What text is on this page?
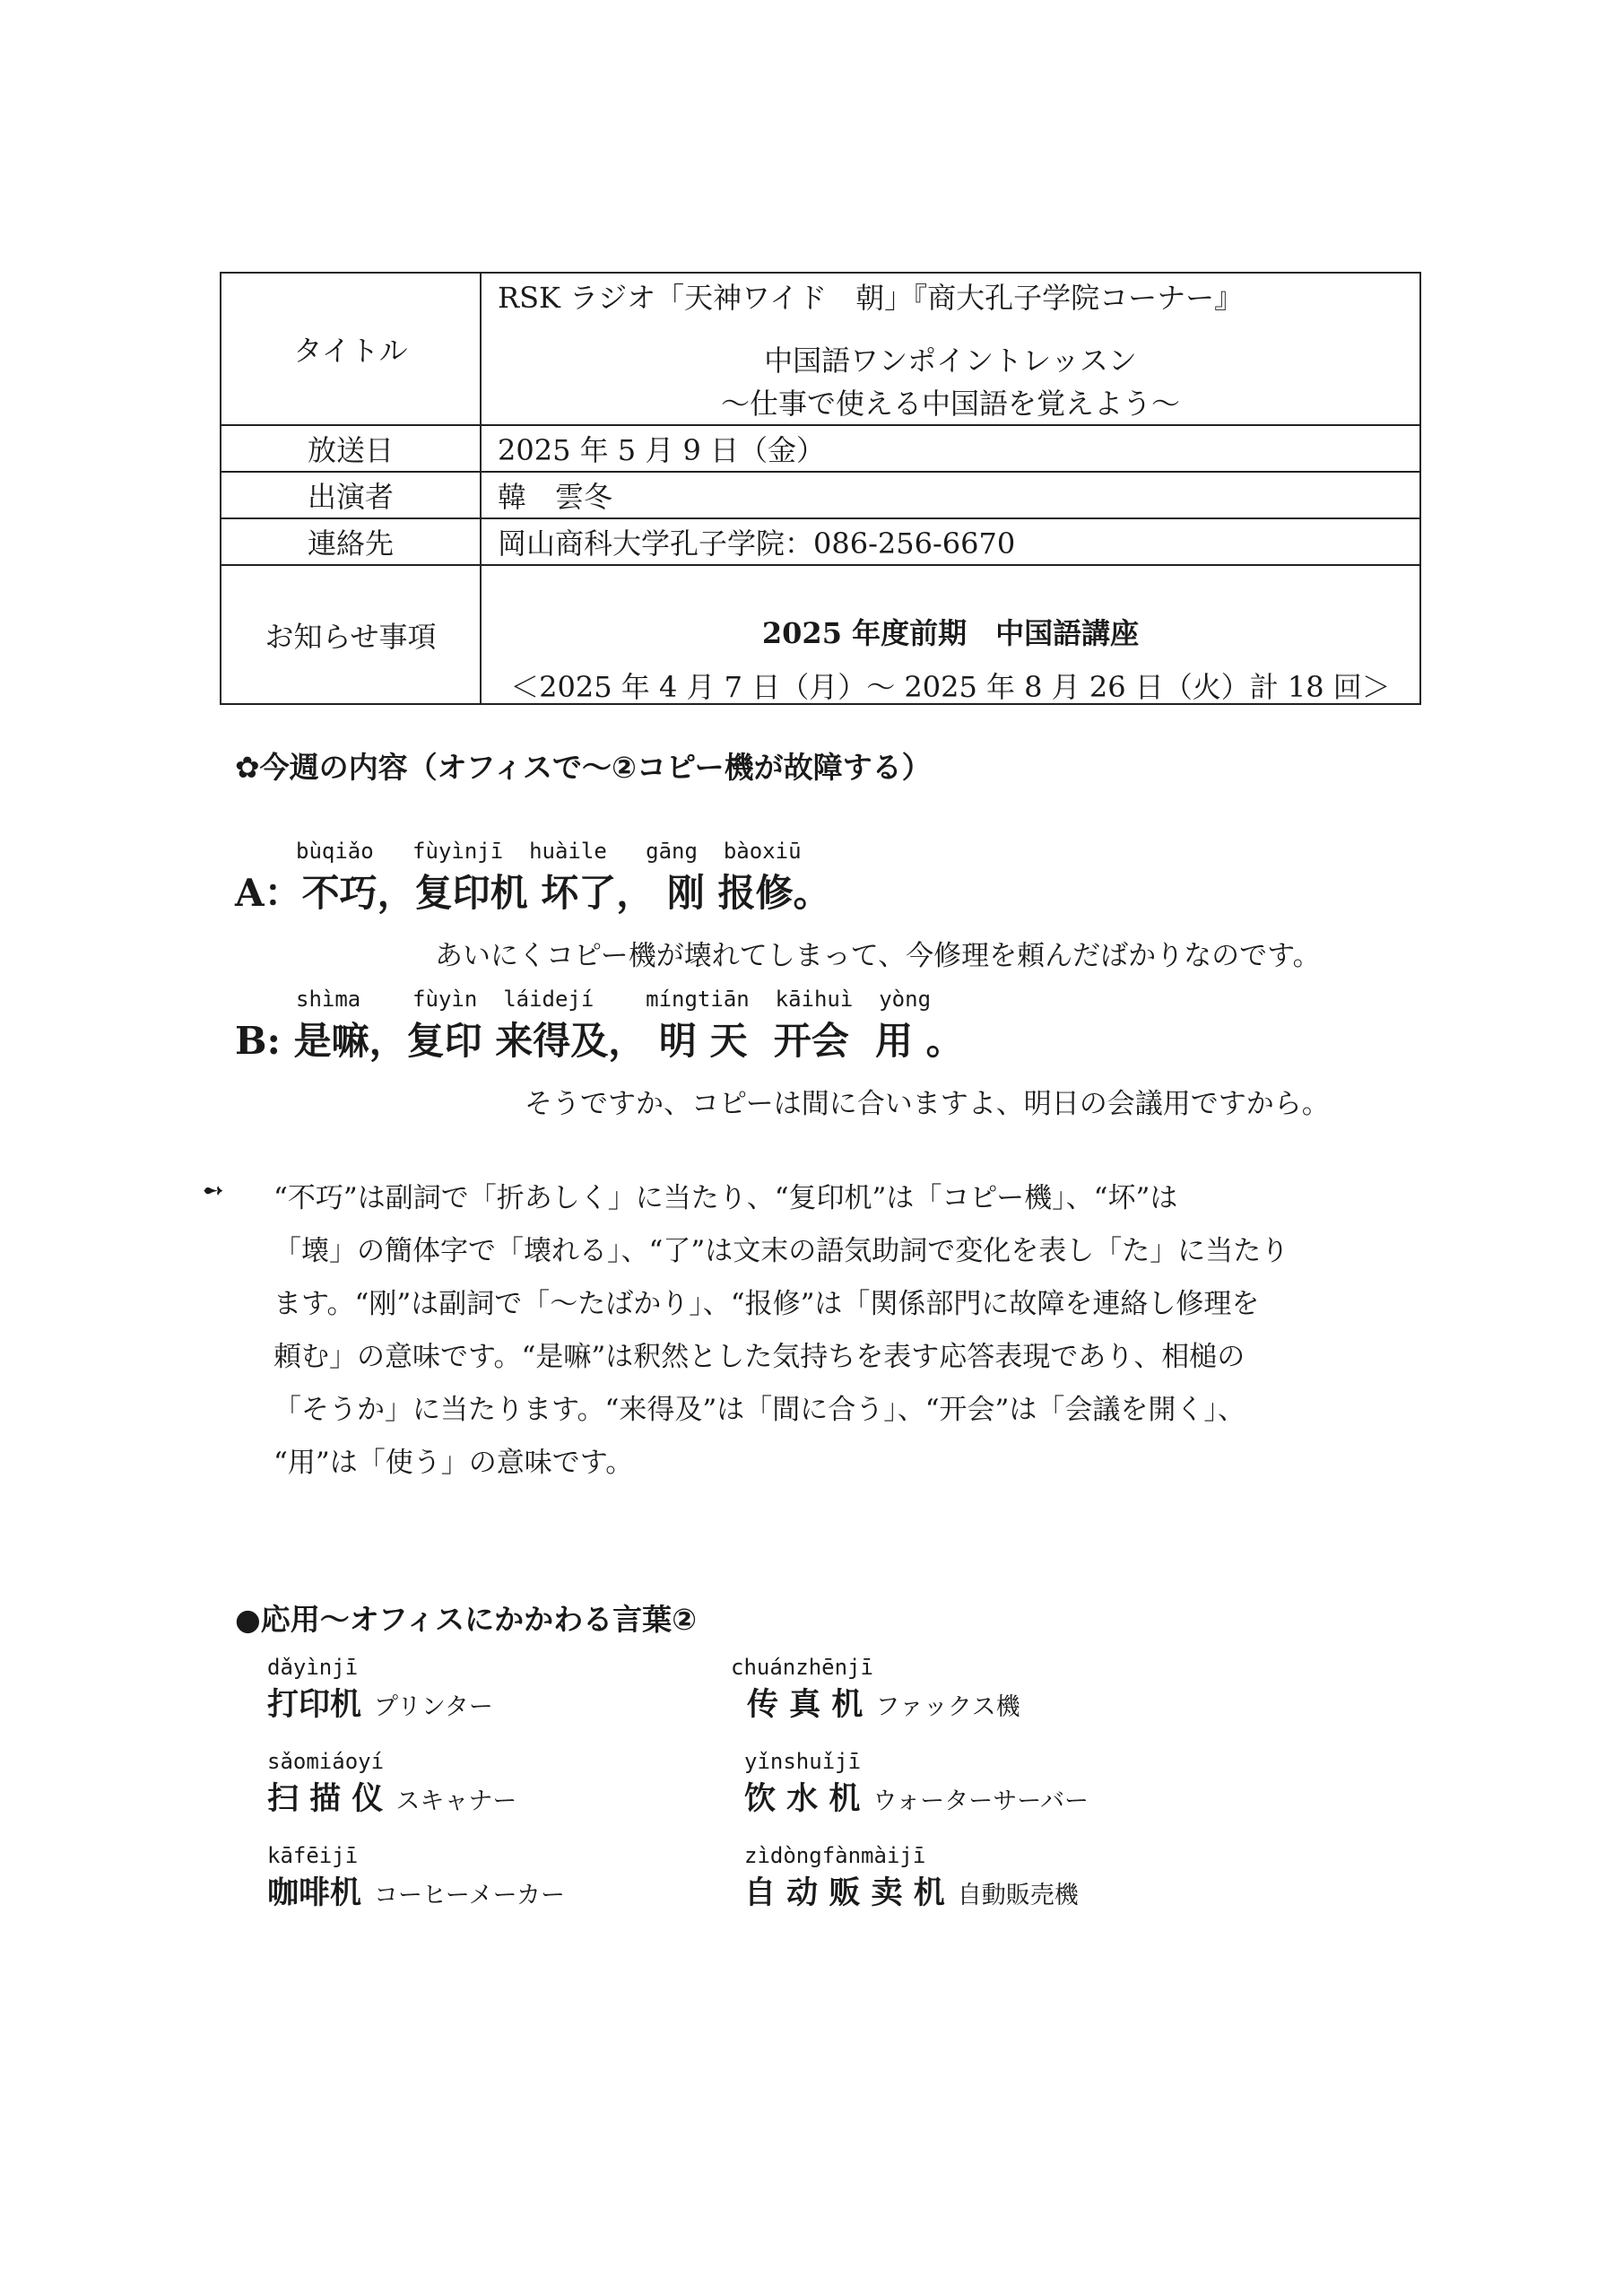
タイトル	RSK ラジオ「天神ワイド　朝」『商大孔子学院コーナー』
中国語ワンポイントレッスン
〜仕事で使える中国語を覚えよう〜

放送日	2025 年 5 月 9 日（金）
出演者	韓　雲冬
連絡先	岡山商科大学孔子学院：086-256-6670
お知らせ事項	2025 年度前期　中国語講座
＜2025 年 4 月 7 日（月）〜 2025 年 8 月 26 日（火）計 18 回＞
✿今週の内容（オフィスで〜②コピー機が故障する）
bùqiǎo   fùyìnjī  huàile   gāng  bàoxiū
A：不巧，复印机 坏了， 刚 报修。
あいにくコピー機が壊れてしまって、今修理を頼んだばかりなのです。
shìma    fùyìn  láidejí    míngtiān  kāihuì  yòng
B: 是嘛，复印 来得及， 明 天  开会  用 。
そうですか、コピーは間に合いますよ、明日の会議用ですから。
➻ “不巧”は副詞で「折あしく」に当たり、“复印机”は「コピー機」、“坏”は
「壊」の簡体字で「壊れる」、“了”は文末の語気助詞で変化を表し「た」に当たり
ます。“刚”は副詞で「〜たばかり」、“报修”は「関係部門に故障を連絡し修理を
頼む」の意味です。“是嘛”は釈然とした気持ちを表す応答表現であり、相槌の
「そうか」に当たります。“来得及”は「間に合う」、“开会”は「会議を開く」、
“用”は「使う」の意味です。
●応用〜オフィスにかかわる言葉②
dǎyìnjī
打印机 プリンター
chuánzhēnjī
传 真 机 ファックス機
sǎomiáoyí
扫 描 仪 スキャナー
yǐnshuǐjī
饮 水 机 ウォーターサーバー
kāfēijī
咖啡机 コーヒーメーカー
zìdòngfànmàijī
自 动 贩 卖 机 自動販売機
